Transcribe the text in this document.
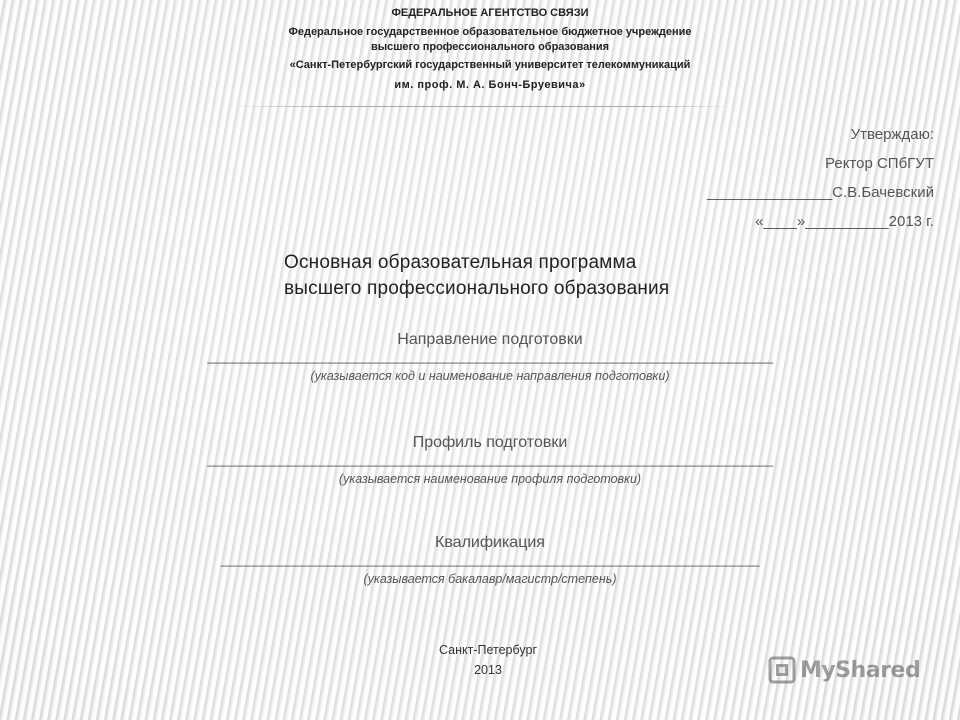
ФЕДЕРАЛЬНОЕ АГЕНТСТВО СВЯЗИ
Федеральное государственное образовательное бюджетное учреждение
высшего профессионального образования
«Санкт-Петербургский государственный университет телекоммуникаций
им. проф. М. А. Бонч-Бруевича»
Утверждаю:
Ректор СПбГУТ
_______________С.В.Бачевский
«____»__________2013 г.
Основная образовательная программа
высшего профессионального образования
Направление подготовки
____________________________________________________________________________________
(указывается код и наименование направления подготовки)
Профиль подготовки
____________________________________________________________________________________
(указывается наименование профиля подготовки)
Квалификация
________________________________________________________________________________
(указывается бакалавр/магистр/степень)
Санкт-Петербург
2013	MyShared
